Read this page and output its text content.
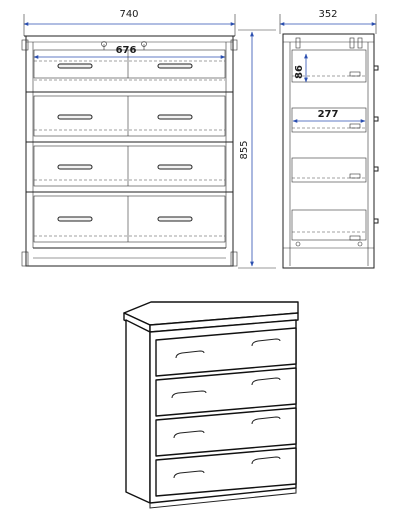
740
676
855
352
86
277
